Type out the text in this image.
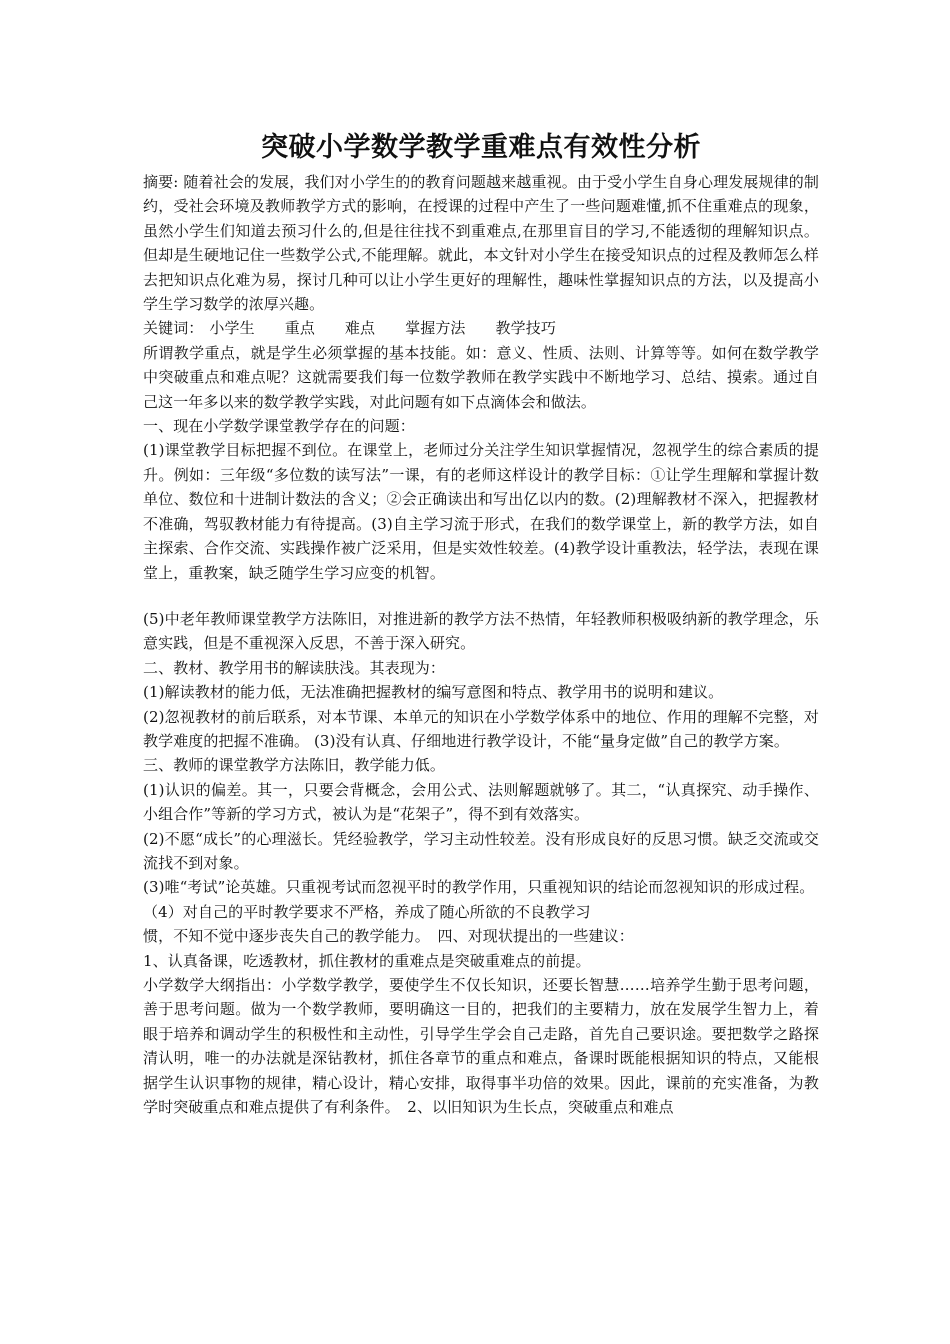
突破小学数学教学重难点有效性分析

摘要: 随着社会的发展，我们对小学生的的教育问题越来越重视。由于受小学生自身心理发展规律的制约，受社会环境及教师教学方式的影响，在授课的过程中产生了一些问题难懂,抓不住重难点的现象，虽然小学生们知道去预习什么的,但是往往找不到重难点,在那里盲目的学习,不能透彻的理解知识点。但却是生硬地记住一些数学公式,不能理解。就此，本文针对小学生在接受知识点的过程及教师怎么样去把知识点化难为易，探讨几种可以让小学生更好的理解性，趣味性掌握知识点的方法，以及提高小学生学习数学的浓厚兴趣。

关键词： 小学生 重点 难点 掌握方法 教学技巧

所谓教学重点，就是学生必须掌握的基本技能。如：意义、性质、法则、计算等等。如何在数学教学中突破重点和难点呢？这就需要我们每一位数学教师在教学实践中不断地学习、总结、摸索。通过自己这一年多以来的数学教学实践，对此问题有如下点滴体会和做法。

一、现在小学数学课堂教学存在的问题：

(1)课堂教学目标把握不到位。在课堂上，老师过分关注学生知识掌握情况，忽视学生的综合素质的提升。例如：三年级“多位数的读写法”一课，有的老师这样设计的教学目标：①让学生理解和掌握计数单位、数位和十进制计数法的含义；②会正确读出和写出亿以内的数。(2)理解教材不深入，把握教材不准确，驾驭教材能力有待提高。(3)自主学习流于形式，在我们的数学课堂上，新的教学方法，如自主探索、合作交流、实践操作被广泛采用，但是实效性较差。(4)教学设计重教法，轻学法，表现在课堂上，重教案，缺乏随学生学习应变的机智。

(5)中老年教师课堂教学方法陈旧，对推进新的教学方法不热情，年轻教师积极吸纳新的教学理念，乐意实践，但是不重视深入反思，不善于深入研究。

二、教材、教学用书的解读肤浅。其表现为：

(1)解读教材的能力低，无法准确把握教材的编写意图和特点、教学用书的说明和建议。

(2)忽视教材的前后联系，对本节课、本单元的知识在小学数学体系中的地位、作用的理解不完整，对教学难度的把握不准确。 (3)没有认真、仔细地进行教学设计，不能“量身定做”自己的教学方案。

三、教师的课堂教学方法陈旧，教学能力低。

(1)认识的偏差。其一，只要会背概念，会用公式、法则解题就够了。其二，“认真探究、动手操作、小组合作”等新的学习方式，被认为是“花架子”，得不到有效落实。

(2)不愿“成长”的心理滋长。凭经验教学，学习主动性较差。没有形成良好的反思习惯。缺乏交流或交流找不到对象。

(3)唯“考试”论英雄。只重视考试而忽视平时的教学作用，只重视知识的结论而忽视知识的形成过程。

（4）对自己的平时教学要求不严格，养成了随心所欲的不良教学习

惯，不知不觉中逐步丧失自己的教学能力。　四、对现状提出的一些建议：

1、认真备课，吃透教材，抓住教材的重难点是突破重难点的前提。

小学数学大纲指出：小学数学教学，要使学生不仅长知识，还要长智慧……培养学生勤于思考问题，善于思考问题。做为一个数学教师，要明确这一目的，把我们的主要精力，放在发展学生智力上，着眼于培养和调动学生的积极性和主动性，引导学生学会自己走路，首先自己要识途。要把数学之路探清认明，唯一的办法就是深钻教材，抓住各章节的重点和难点，备课时既能根据知识的特点，又能根据学生认识事物的规律，精心设计，精心安排，取得事半功倍的效果。因此，课前的充实准备，为教学时突破重点和难点提供了有利条件。　2、以旧知识为生长点，突破重点和难点
